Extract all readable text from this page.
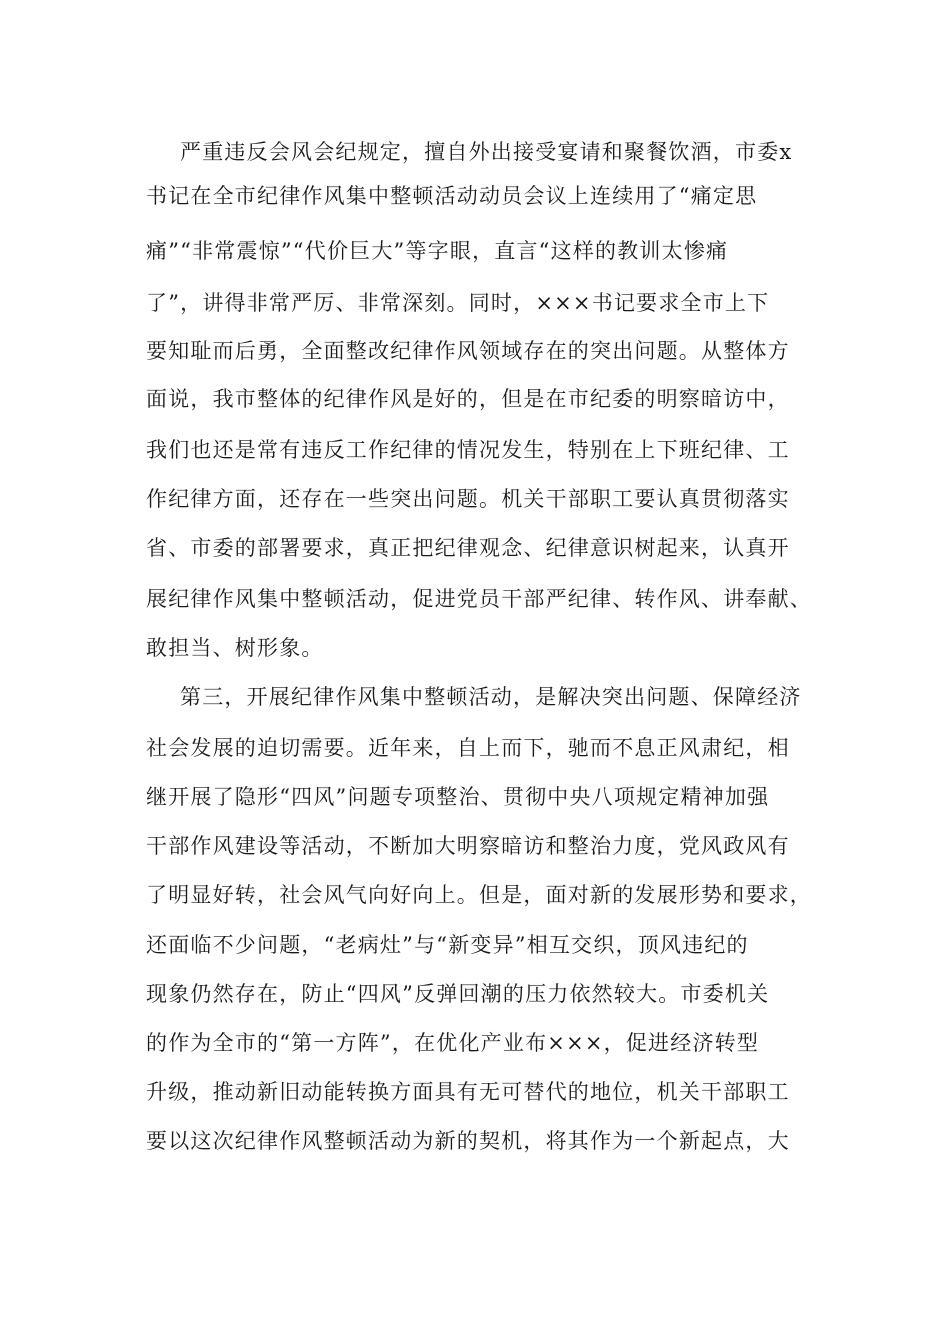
严重违反会风会纪规定，擅自外出接受宴请和聚餐饮酒，市委x
书记在全市纪律作风集中整顿活动动员会议上连续用了“痛定思
痛”“非常震惊”“代价巨大”等字眼，直言“这样的教训太惨痛
了”，讲得非常严厉、非常深刻。同时，×××书记要求全市上下
要知耻而后勇，全面整改纪律作风领域存在的突出问题。从整体方
面说，我市整体的纪律作风是好的，但是在市纪委的明察暗访中，
我们也还是常有违反工作纪律的情况发生，特别在上下班纪律、工
作纪律方面，还存在一些突出问题。机关干部职工要认真贯彻落实
省、市委的部署要求，真正把纪律观念、纪律意识树起来，认真开
展纪律作风集中整顿活动，促进党员干部严纪律、转作风、讲奉献、
敢担当、树形象。
第三，开展纪律作风集中整顿活动，是解决突出问题、保障经济
社会发展的迫切需要。近年来，自上而下，驰而不息正风肃纪，相
继开展了隐形“四风”问题专项整治、贯彻中央八项规定精神加强
干部作风建设等活动，不断加大明察暗访和整治力度，党风政风有
了明显好转，社会风气向好向上。但是，面对新的发展形势和要求，
还面临不少问题，“老病灶”与“新变异”相互交织，顶风违纪的
现象仍然存在，防止“四风”反弹回潮的压力依然较大。市委机关
的作为全市的“第一方阵”，在优化产业布×××，促进经济转型
升级，推动新旧动能转换方面具有无可替代的地位，机关干部职工
要以这次纪律作风整顿活动为新的契机，将其作为一个新起点，大
